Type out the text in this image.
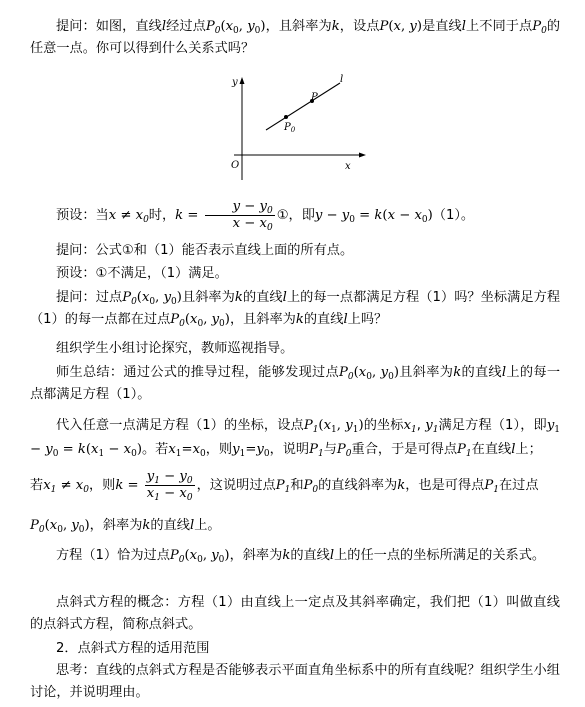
提问：如图，直线l经过点$P_0(x_0$, $y_0$)，且斜率为k，设点P(x, y)是直线l上不同于点$P_0$的任意一点。你可以得到什么关系式吗？
y
x
O
l
P
$P_0$
预设：当$x \ne x_0$时，$k = \frac{y - y_0}{x - x_0}$ ①，即$y - y_0 = k(x - x_0)(1)$。
提问：公式①和（1）能否表示直线上面的所有点。
预设：①不满足，（1）满足。
提问：过点$P_0(x_0$, $y_0$)且斜率为k的直线l上的每一点都满足方程（1）吗？坐标满足方程（1）的每一点都在过点$P_0(x_0$, $y_0$)，且斜率为k的直线l上吗？
组织学生小组讨论探究，教师巡视指导。
师生总结：通过公式的推导过程，能够发现过点$P_0(x_0$, $y_0$)且斜率为k的直线l上的每一点都满足方程（1）。
代入任意一点满足方程（1）的坐标，设点$P_1(x_1$, $y_1$)的坐标$x_1$, $y_1$满足方程（1），即$y_1 - y_0 = k(x_1 - x_0)$。若$x_1=x_0$，则$y_1=y_0$，说明$P_1$与$P_0$重合，于是可得点$P_1$在直线l上；
若$x_1 \ne x_0$，则$k = \frac{y_1 - y_0}{x_1 - x_0}$ ，这说明过点$P_1$和$P_0$的直线斜率为k，也是可得点$P_1$在过点
$P_0(x_0$, $y_0$)，斜率为k的直线l上。
方程（1）恰为过点$P_0(x_0$, $y_0$)，斜率为k的直线l上的任一点的坐标所满足的关系式。
点斜式方程的概念：方程（1）由直线上一定点及其斜率确定，我们把（1）叫做直线的点斜式方程，简称点斜式。
2．点斜式方程的适用范围
思考：直线的点斜式方程是否能够表示平面直角坐标系中的所有直线呢？组织学生小组讨论，并说明理由。
